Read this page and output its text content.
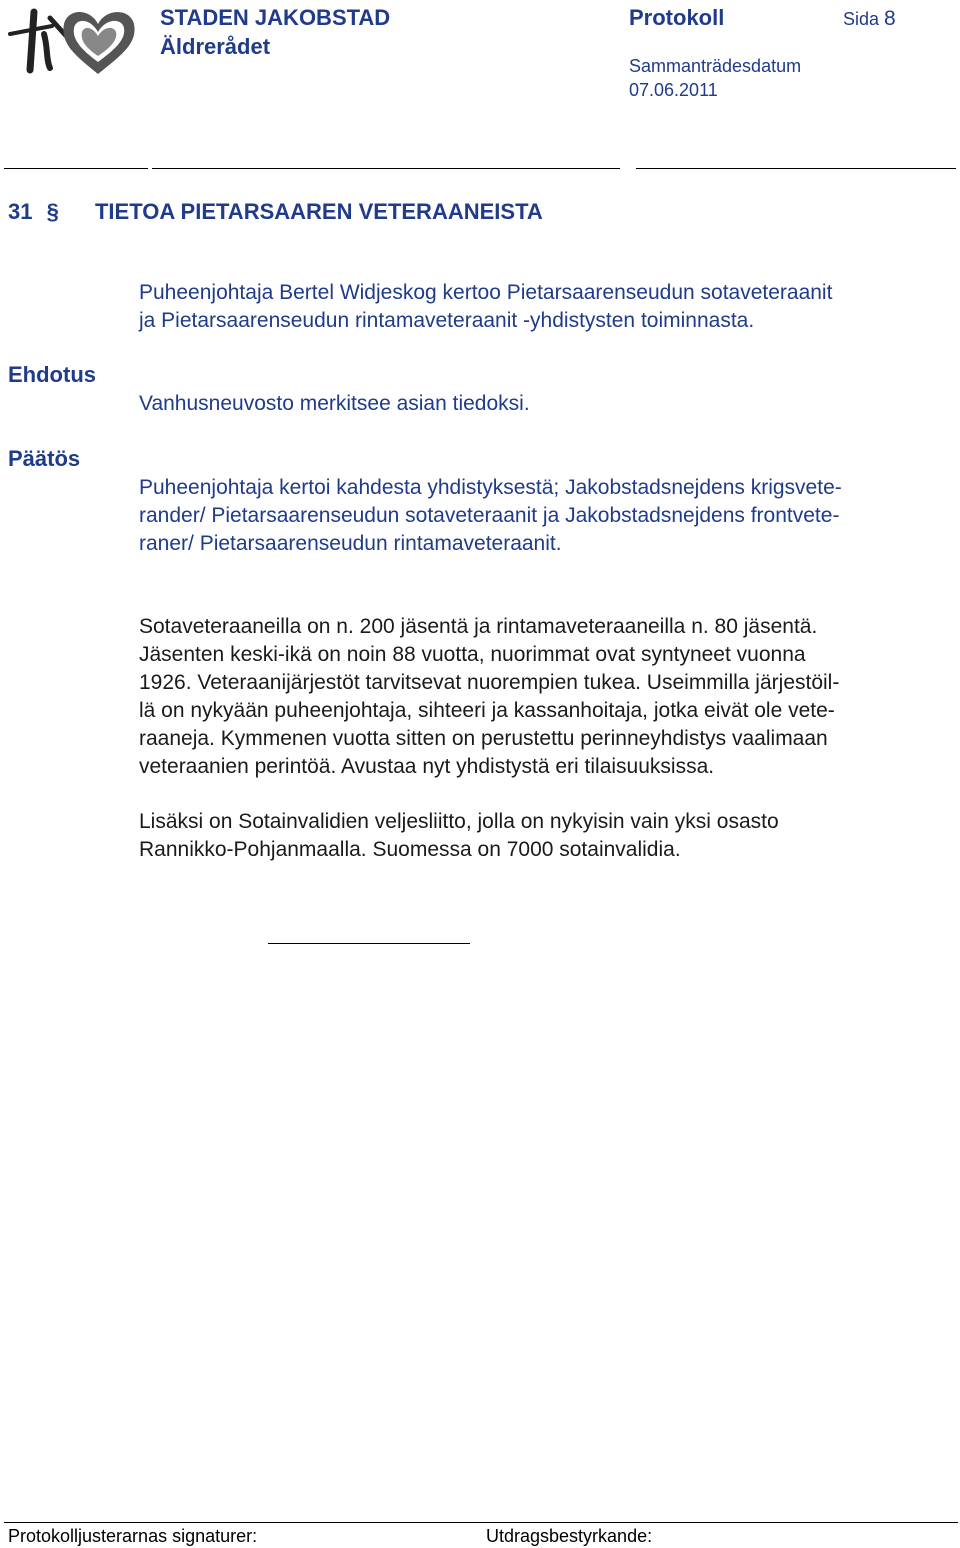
STADEN JAKOBSTAD
Äldrerådet
Protokoll	Sida 8
Sammanträdesdatum
07.06.2011
31 § TIETOA PIETARSAAREN VETERAANEISTA

Puheenjohtaja Bertel Widjeskog kertoo Pietarsaarenseudun sotaveteraanit
ja Pietarsaarenseudun rintamaveteraanit -yhdistysten toiminnasta.

Ehdotus

Vanhusneuvosto merkitsee asian tiedoksi.

Päätös

Puheenjohtaja kertoi kahdesta yhdistyksestä; Jakobstadsnejdens krigsvete-
rander/ Pietarsaarenseudun sotaveteraanit ja Jakobstadsnejdens frontvete-
raner/ Pietarsaarenseudun rintamaveteraanit.

Sotaveteraaneilla on n. 200 jäsentä ja rintamaveteraaneilla n. 80 jäsentä.
Jäsenten keski-ikä on noin 88 vuotta, nuorimmat ovat syntyneet vuonna
1926. Veteraanijärjestöt tarvitsevat nuorempien tukea. Useimmilla järjestöil-
lä on nykyään puheenjohtaja, sihteeri ja kassanhoitaja, jotka eivät ole vete-
raaneja. Kymmenen vuotta sitten on perustettu perinneyhdistys vaalimaan
veteraanien perintöä. Avustaa nyt yhdistystä eri tilaisuuksissa.

Lisäksi on Sotainvalidien veljesliitto, jolla on nykyisin vain yksi osasto
Rannikko-Pohjanmaalla. Suomessa on 7000 sotainvalidia.

Protokolljusterarnas signaturer:	Utdragsbestyrkande:
